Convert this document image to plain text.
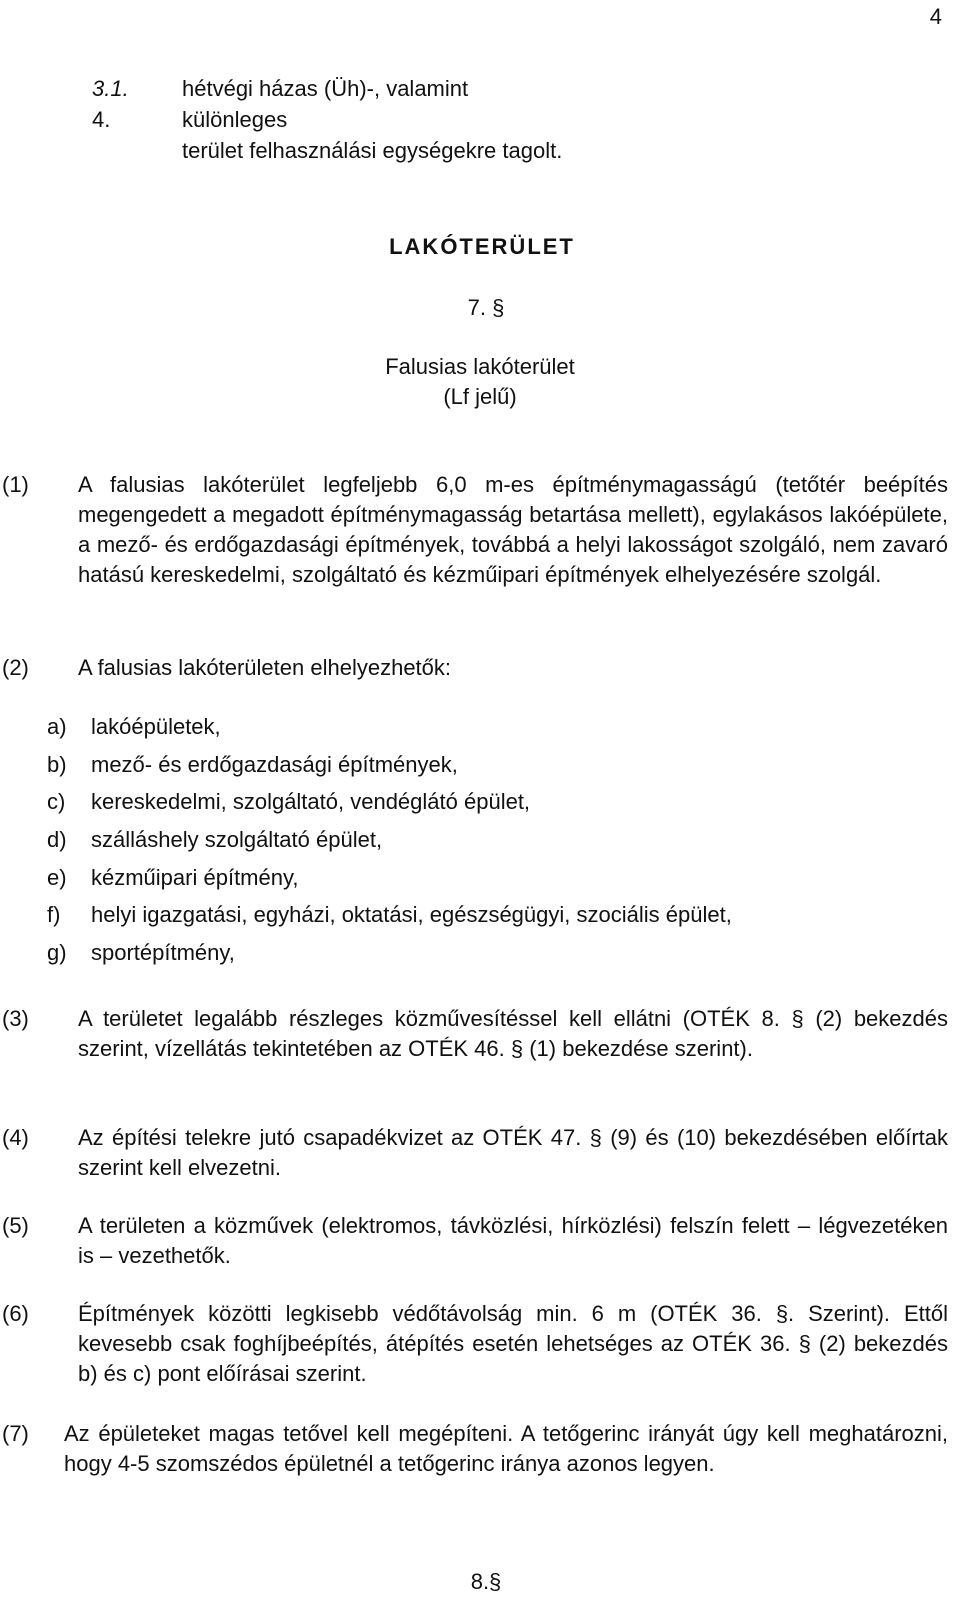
4
3.1.	hétvégi házas (Üh)-, valamint
4.	különleges
terület felhasználási egységekre tagolt.
LAKÓTERÜLET
7. §
Falusias lakóterület
(Lf jelű)
(1)	A falusias lakóterület legfeljebb 6,0 m-es építménymagasságú (tetőtér beépítés megengedett a megadott építménymagasság betartása mellett), egylakásos lakóépülete, a mező- és erdőgazdasági építmények, továbbá a helyi lakosságot szolgáló, nem zavaró hatású kereskedelmi, szolgáltató és kézműipari építmények elhelyezésére szolgál.
(2)	A falusias lakóterületen elhelyezhetők:
a)	lakóépületek,
b)	mező- és erdőgazdasági építmények,
c)	kereskedelmi, szolgáltató, vendéglátó épület,
d)	szálláshely szolgáltató épület,
e)	kézműipari építmény,
f)	helyi igazgatási, egyházi, oktatási, egészségügyi, szociális épület,
g)	sportépítmény,
(3)	A területet legalább részleges közművesítéssel kell ellátni (OTÉK 8. § (2) bekezdés szerint, vízellátás tekintetében az OTÉK 46. § (1) bekezdése szerint).
(4)	Az építési telekre jutó csapadékvizet az OTÉK 47. § (9) és (10) bekezdésében előírtak szerint kell elvezetni.
(5)	A területen a közművek (elektromos, távközlési, hírközlési) felszín felett – légvezetéken is – vezethetők.
(6)	Építmények közötti legkisebb védőtávolság min. 6 m (OTÉK 36. §. Szerint). Ettől kevesebb csak foghíjbeépítés, átépítés esetén lehetséges az OTÉK 36. § (2) bekezdés b) és c) pont előírásai szerint.
(7)	Az épületeket magas tetővel kell megépíteni. A tetőgerinc irányát úgy kell meghatározni, hogy 4-5 szomszédos épületnél a tetőgerinc iránya azonos legyen.
8.§
